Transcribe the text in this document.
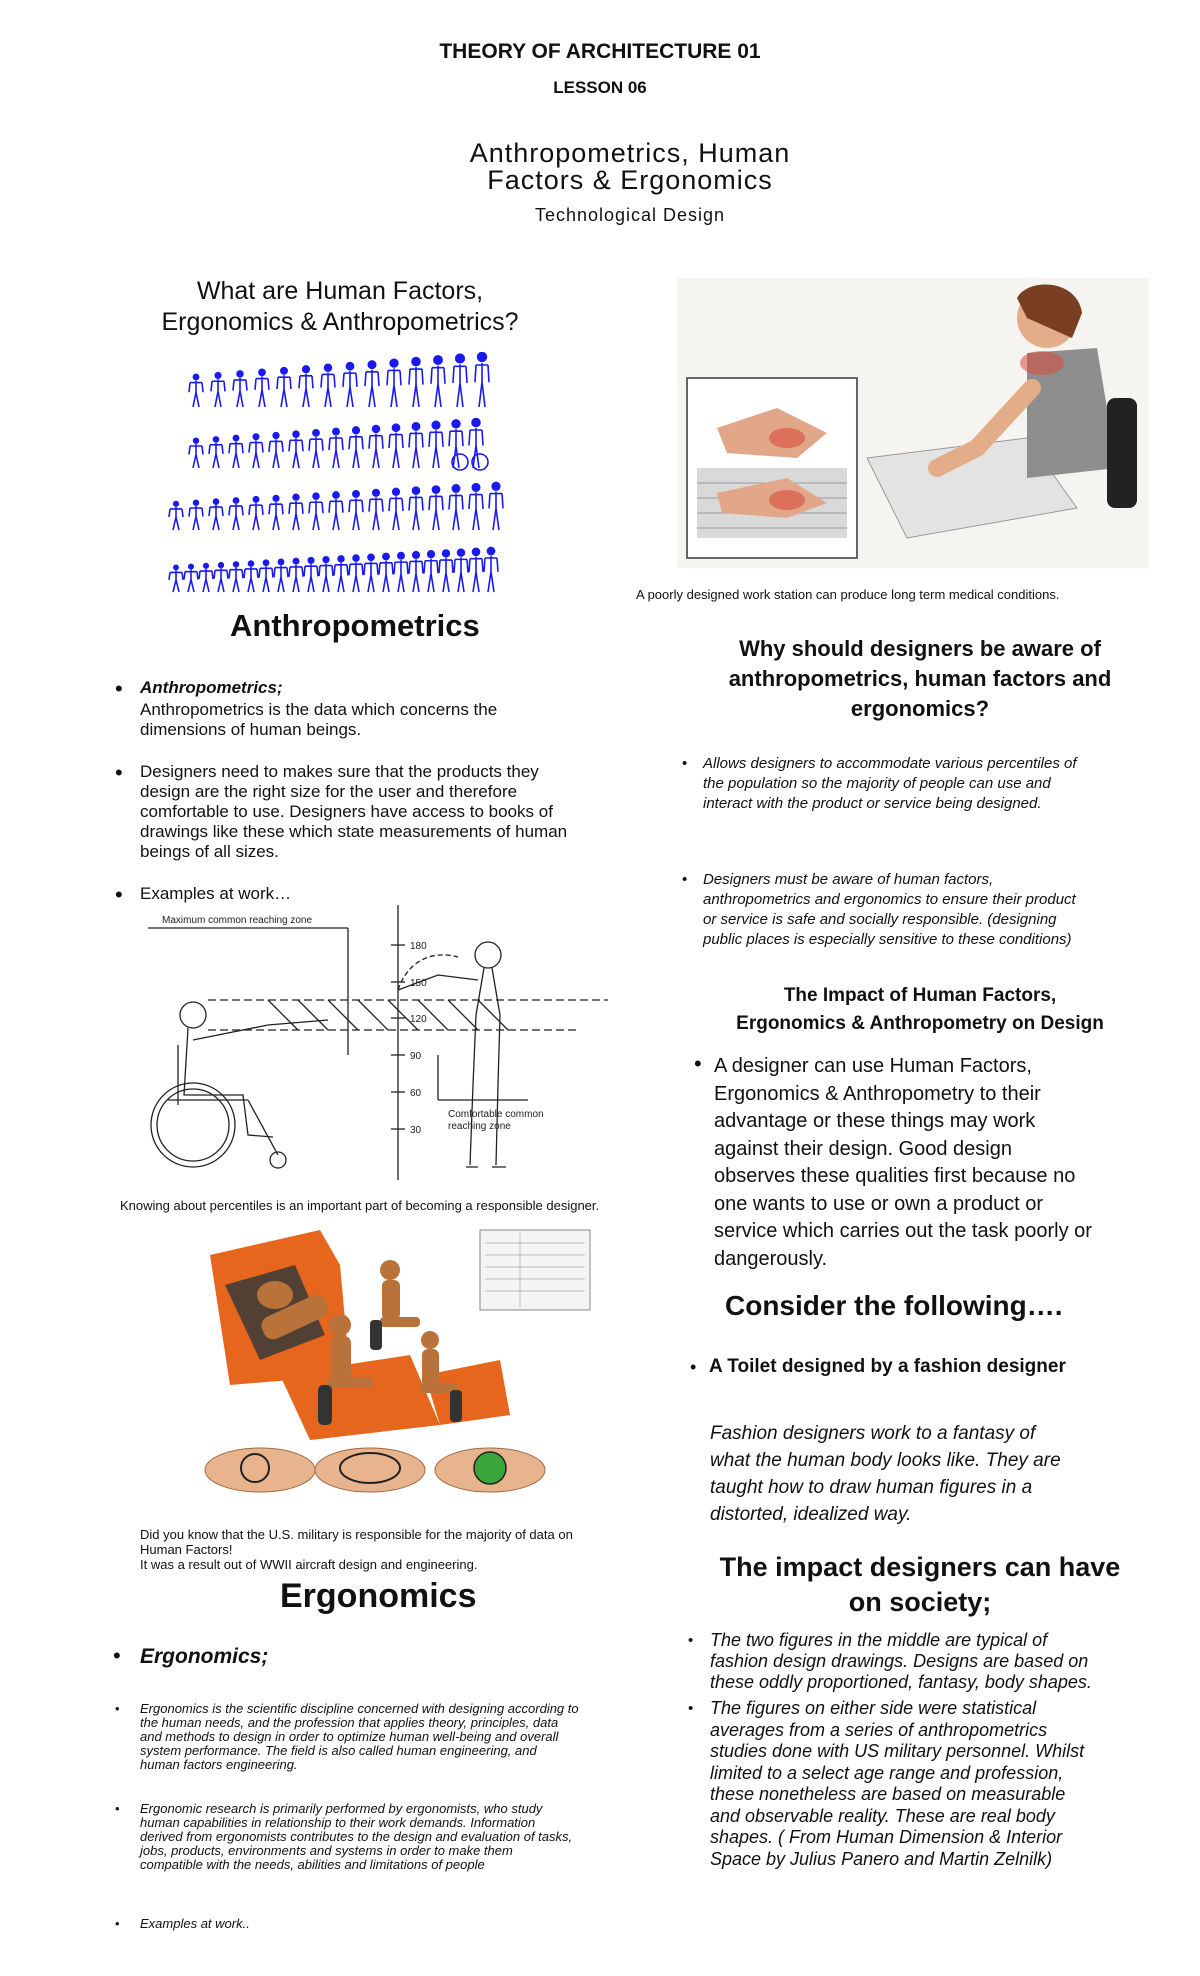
THEORY OF ARCHITECTURE 01
LESSON 06
Anthropometrics, Human
Factors & Ergonomics
Technological Design
What are Human Factors,
Ergonomics & Anthropometrics?
Anthropometrics
• Anthropometrics;
Anthropometrics is the data which concerns the
dimensions of human beings.
• Designers need to makes sure that the products they
design are the right size for the user and therefore
comfortable to use. Designers have access to books of
drawings like these which state measurements of human
beings of all sizes.
• Examples at work…
180
150
120
90
60
30
Maximum common reaching zone
Comfortable common
reaching zone
Knowing about percentiles is an important part of becoming a responsible designer.
Did you know that the U.S. military is responsible for the majority of data on
Human Factors!
It was a result out of WWII aircraft design and engineering.
Ergonomics
• Ergonomics;
• Ergonomics is the scientific discipline concerned with designing according to
the human needs, and the profession that applies theory, principles, data
and methods to design in order to optimize human well-being and overall
system performance. The field is also called human engineering, and
human factors engineering.
• Ergonomic research is primarily performed by ergonomists, who study
human capabilities in relationship to their work demands. Information
derived from ergonomists contributes to the design and evaluation of tasks,
jobs, products, environments and systems in order to make them
compatible with the needs, abilities and limitations of people
• Examples at work..
A poorly designed work station can produce long term medical conditions.
Why should designers be aware of
anthropometrics, human factors and
ergonomics?
• Allows designers to accommodate various percentiles of
the population so the majority of people can use and
interact with the product or service being designed.
• Designers must be aware of human factors,
anthropometrics and ergonomics to ensure their product
or service is safe and socially responsible. (designing
public places is especially sensitive to these conditions)
The Impact of Human Factors,
Ergonomics & Anthropometry on Design
• A designer can use Human Factors,
Ergonomics & Anthropometry to their
advantage or these things may work
against their design. Good design
observes these qualities first because no
one wants to use or own a product or
service which carries out the task poorly or
dangerously.
Consider the following….
• A Toilet designed by a fashion designer
Fashion designers work to a fantasy of
what the human body looks like. They are
taught how to draw human figures in a
distorted, idealized way.
The impact designers can have
on society;
• The two figures in the middle are typical of
fashion design drawings. Designs are based on
these oddly proportioned, fantasy, body shapes.
• The figures on either side were statistical
averages from a series of anthropometrics
studies done with US military personnel. Whilst
limited to a select age range and profession,
these nonetheless are based on measurable
and observable reality. These are real body
shapes. ( From Human Dimension & Interior
Space by Julius Panero and Martin Zelnilk)
